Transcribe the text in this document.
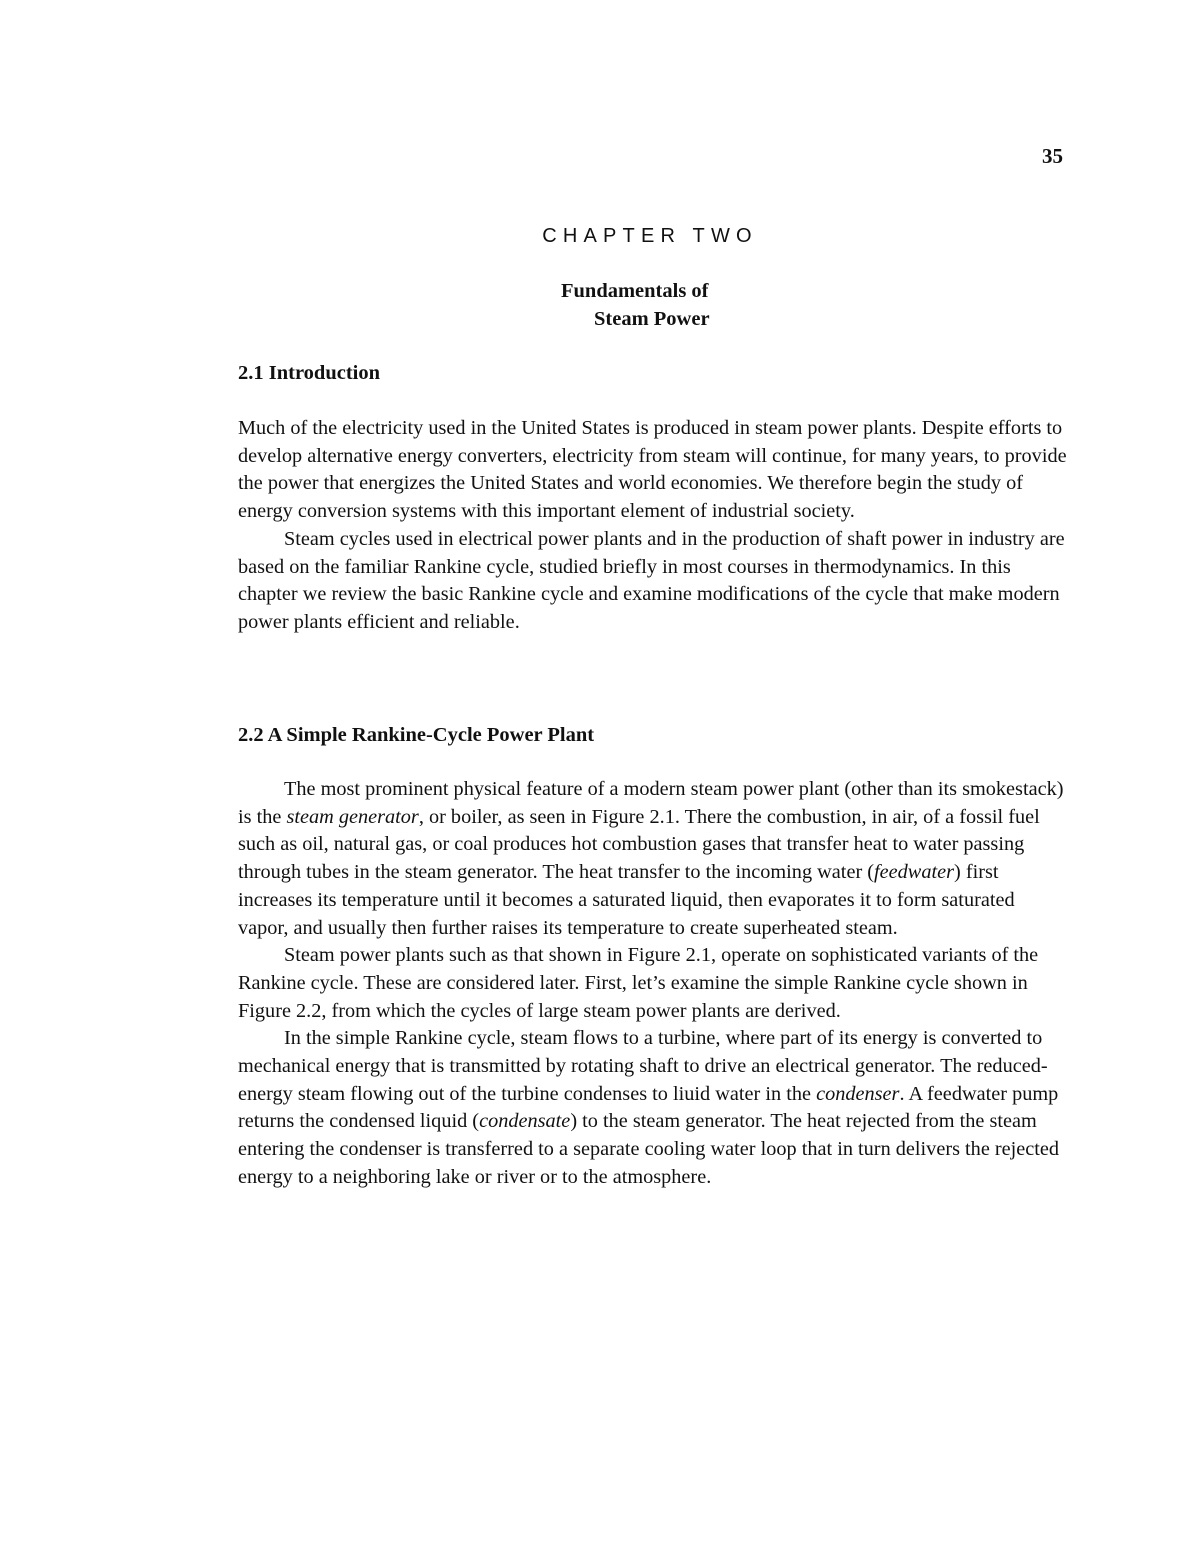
35
CHAPTER TWO
Fundamentals of
Steam Power
2.1 Introduction

Much of the electricity used in the United States is produced in steam power plants. Despite efforts to develop alternative energy converters, electricity from steam will continue, for many years, to provide the power that energizes the United States and world economies. We therefore begin the study of energy conversion systems with this important element of industrial society.

Steam cycles used in electrical power plants and in the production of shaft power in industry are based on the familiar Rankine cycle, studied briefly in most courses in thermodynamics. In this chapter we review the basic Rankine cycle and examine modifications of the cycle that make modern power plants efficient and reliable.

2.2 A Simple Rankine-Cycle Power Plant

The most prominent physical feature of a modern steam power plant (other than its smokestack) is the steam generator, or boiler, as seen in Figure 2.1. There the combustion, in air, of a fossil fuel such as oil, natural gas, or coal produces hot combustion gases that transfer heat to water passing through tubes in the steam generator. The heat transfer to the incoming water (feedwater) first increases its temperature until it becomes a saturated liquid, then evaporates it to form saturated vapor, and usually then further raises its temperature to create superheated steam.

Steam power plants such as that shown in Figure 2.1, operate on sophisticated variants of the Rankine cycle. These are considered later. First, let’s examine the simple Rankine cycle shown in Figure 2.2, from which the cycles of large steam power plants are derived.

In the simple Rankine cycle, steam flows to a turbine, where part of its energy is converted to mechanical energy that is transmitted by rotating shaft to drive an electrical generator. The reduced-energy steam flowing out of the turbine condenses to liuid water in the condenser. A feedwater pump returns the condensed liquid (condensate) to the steam generator. The heat rejected from the steam entering the condenser is transferred to a separate cooling water loop that in turn delivers the rejected energy to a neighboring lake or river or to the atmosphere.
